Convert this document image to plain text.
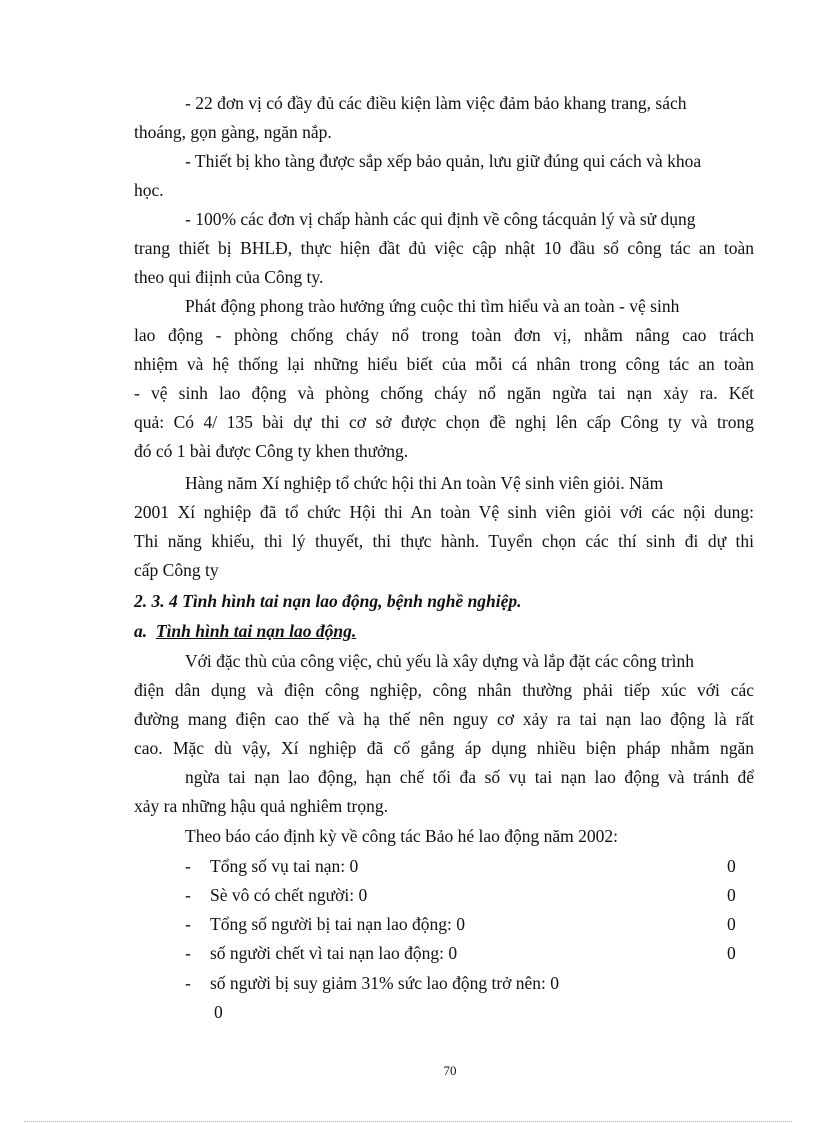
- 22 đơn vị có đầy đủ các điều kiện làm việc đảm bảo khang trang, sách
thoáng, gọn gàng, ngăn nắp.
- Thiết bị kho tàng được sắp xếp bảo quản, lưu giữ đúng qui cách và khoa
học.
- 100% các đơn vị chấp hành các qui định về công tácquản lý và sử dụng
trang thiết bị BHLĐ, thực hiện đầt đủ việc cập nhật 10 đầu sổ công tác an toàn
theo qui điịnh của Công ty.
Phát động phong trào hưởng ứng cuộc thi tìm hiểu và an toàn - vệ sinh
lao động - phòng chống cháy nổ trong toàn đơn vị, nhằm nâng cao trách
nhiệm và hệ thống lại những hiểu biết của mỗi cá nhân trong công tác an toàn
- vệ sinh lao động và phòng chống cháy nổ ngăn ngừa tai nạn xảy ra. Kết
quả: Có 4/ 135 bài dự thi cơ sở được chọn đề nghị lên cấp Công ty và trong
đó có 1 bài được Công ty khen thưởng.
Hàng năm Xí nghiệp tổ chức hội thi An toàn Vệ sinh viên giỏi. Năm
2001 Xí nghiệp đã tổ chức Hội thi An toàn Vệ sinh viên giỏi với các nội dung:
Thi năng khiếu, thi lý thuyết, thi thực hành. Tuyển chọn các thí sinh đi dự thi
cấp Công ty
2. 3. 4 Tình hình tai nạn lao động, bệnh nghề nghiệp.
a. Tình hình tai nạn lao động.
Với đặc thù của công việc, chủ yếu là xây dựng và lắp đặt các công trình
điện dân dụng và điện công nghiệp, công nhân thường phải tiếp xúc với các
đường mang điện cao thế và hạ thế nên nguy cơ xảy ra tai nạn lao động là rất
cao. Mặc dù vậy, Xí nghiệp đã cố gắng áp dụng nhiều biện pháp nhằm ngăn
ngừa tai nạn lao động, hạn chế tối đa số vụ tai nạn lao động và tránh để
xảy ra những hậu quả nghiêm trọng.
Theo báo cáo định kỳ về công tác Bảo hé lao động năm 2002:
- Tổng số vụ tai nạn: 0	0
- Sè vô có chết người: 0	0
- Tổng số người bị tai nạn lao động: 0	0
- số người chết vì tai nạn lao động: 0	0
- số người bị suy giảm 31% sức lao động trở nên: 0
0
70
